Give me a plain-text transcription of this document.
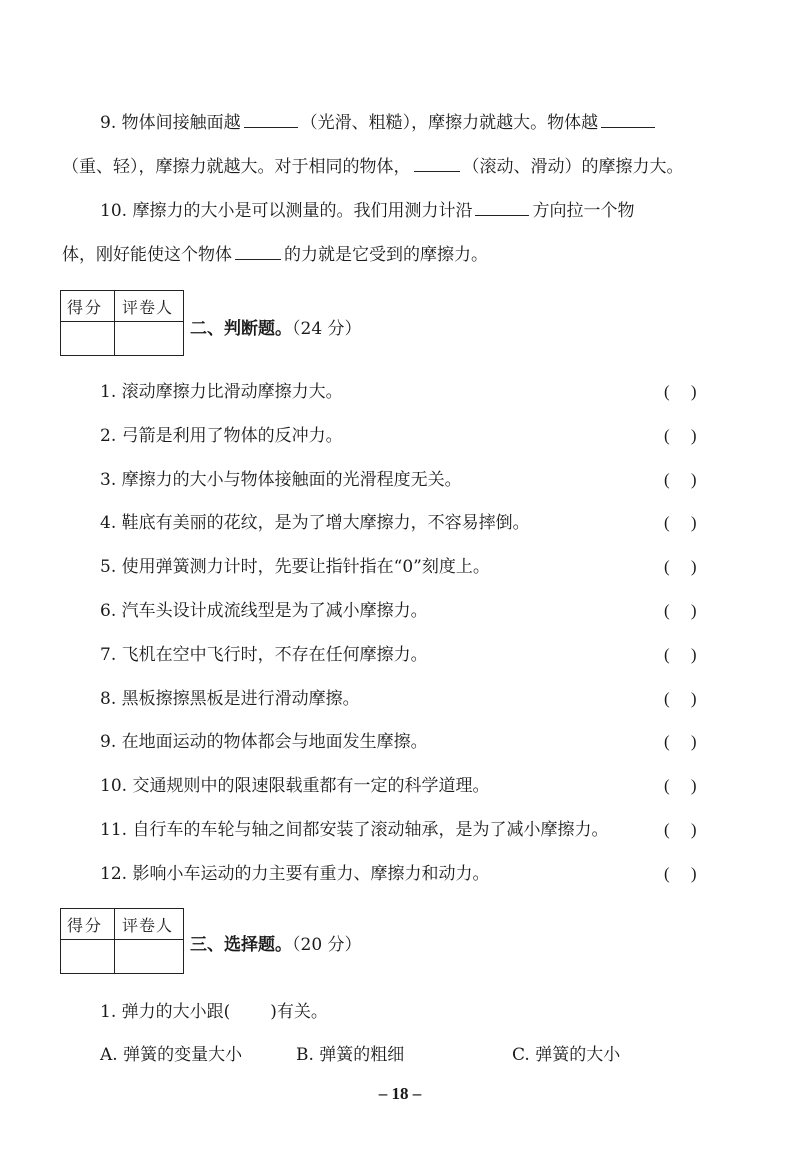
9. 物体间接触面越	（光滑、粗糙），摩擦力就越大。物体越
（重、轻），摩擦力就越大。对于相同的物体，	（滚动、滑动）的摩擦力大。
10. 摩擦力的大小是可以测量的。我们用测力计沿	方向拉一个物
体，刚好能使这个物体	的力就是它受到的摩擦力。
得分 评卷人
二、判断题。（24 分）
1. 滚动摩擦力比滑动摩擦力大。	(     )
2. 弓箭是利用了物体的反冲力。	(     )
3. 摩擦力的大小与物体接触面的光滑程度无关。	(     )
4. 鞋底有美丽的花纹，是为了增大摩擦力，不容易摔倒。	(     )
5. 使用弹簧测力计时，先要让指针指在“0”刻度上。	(     )
6. 汽车头设计成流线型是为了减小摩擦力。	(     )
7. 飞机在空中飞行时，不存在任何摩擦力。	(     )
8. 黑板擦擦黑板是进行滑动摩擦。	(     )
9. 在地面运动的物体都会与地面发生摩擦。	(     )
10. 交通规则中的限速限载重都有一定的科学道理。	(     )
11. 自行车的车轮与轴之间都安装了滚动轴承，是为了减小摩擦力。	(     )
12. 影响小车运动的力主要有重力、摩擦力和动力。	(     )
得分 评卷人
三、选择题。（20 分）
1. 弹力的大小跟( )有关。
A. 弹簧的变量大小	B. 弹簧的粗细	C. 弹簧的大小
– 18 –
